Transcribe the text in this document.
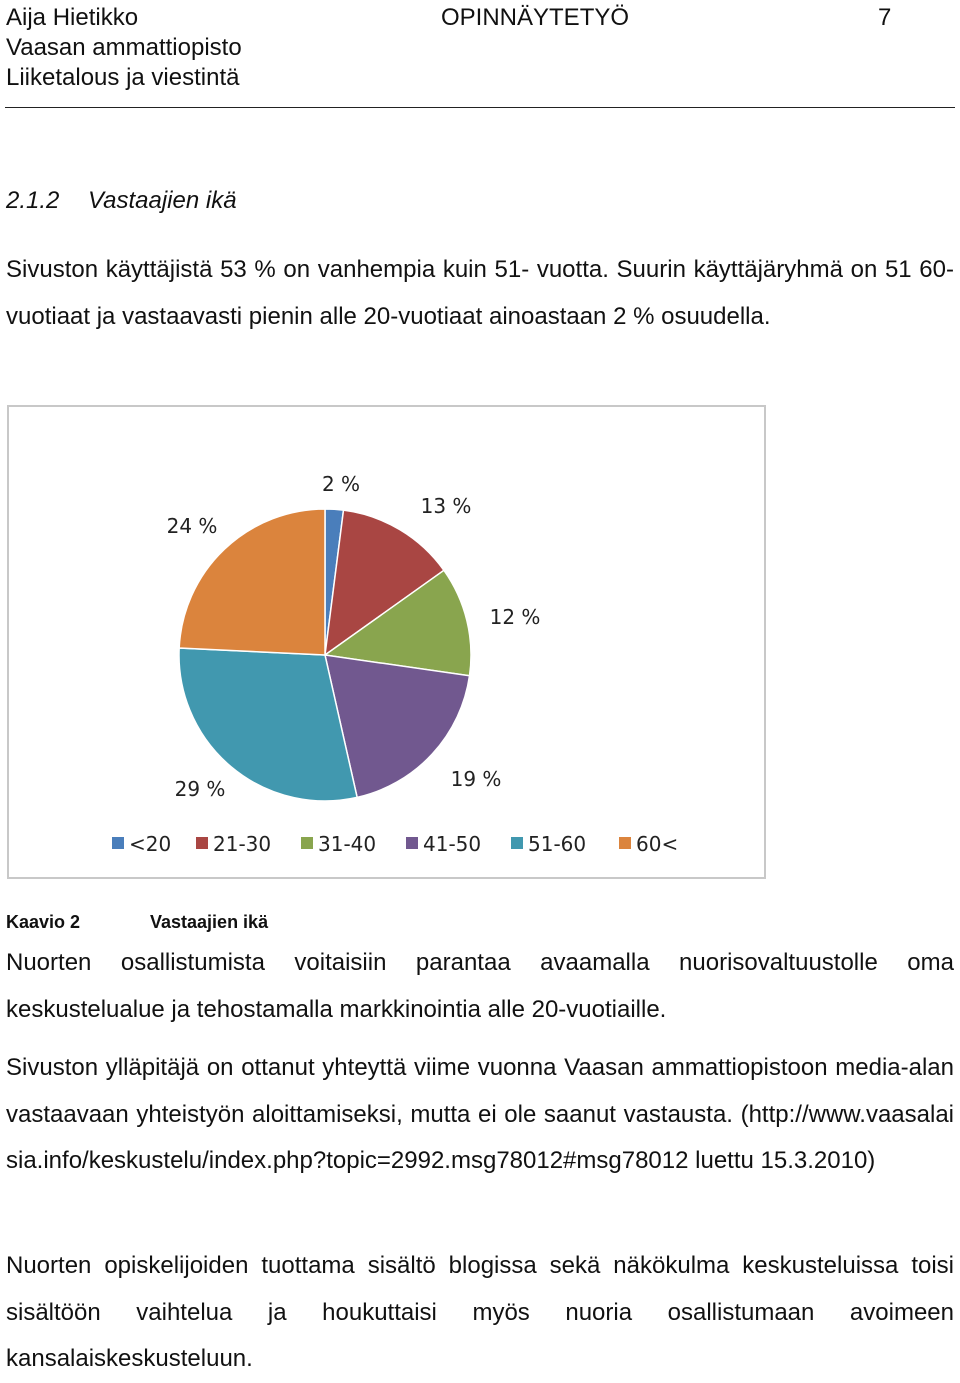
Aija Hietikko	OPINNÄYTETYÖ	7
Vaasan ammattiopisto
Liiketalous ja viestintä
2.1.2 Vastaajien ikä

Sivuston käyttäjistä 53 % on vanhempia kuin 51- vuotta. Suurin käyttäjäryhmä on 51 60-vuotiaat ja vastaavasti pienin alle 20-vuotiaat ainoastaan 2 % osuudella.

2 %
13 %
12 %
19 %
29 %
24 %
<20 21-30 31-40 41-50 51-60 60<
Kaavio 2	Vastaajien ikä

Nuorten osallistumista voitaisiin parantaa avaamalla nuorisovaltuustolle oma keskustelualue ja tehostamalla markkinointia alle 20-vuotiaille.

Sivuston ylläpitäjä on ottanut yhteyttä viime vuonna Vaasan ammattiopistoon media-alan vastaavaan yhteistyön aloittamiseksi, mutta ei ole saanut vastausta. (http://www.vaasalaisia.info/keskustelu/index.php?topic=2992.msg78012#msg78012 luettu 15.3.2010)

Nuorten opiskelijoiden tuottama sisältö blogissa sekä näkökulma keskusteluissa toisi sisältöön vaihtelua ja houkuttaisi myös nuoria osallistumaan avoimeen kansalaiskeskusteluun.
